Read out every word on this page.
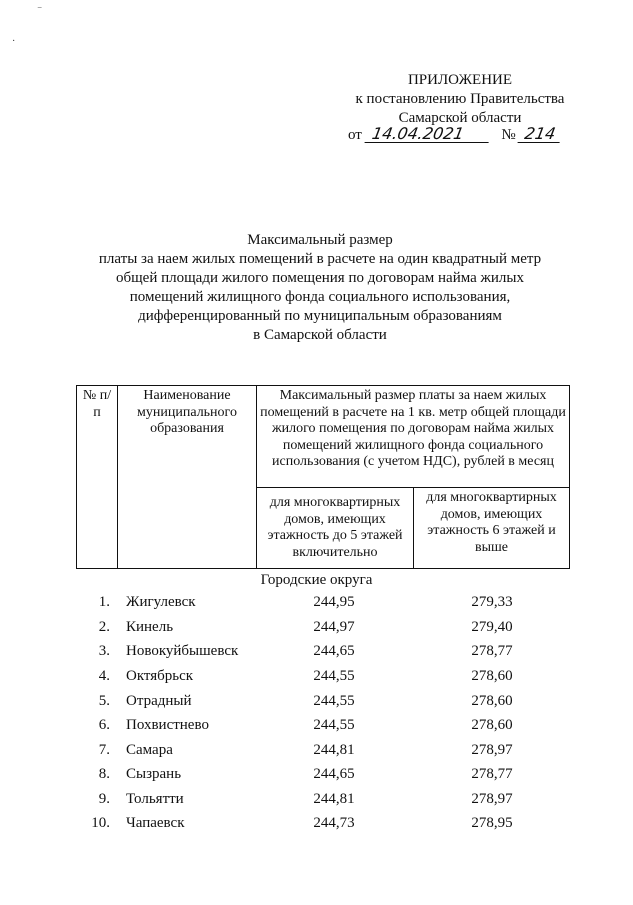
‾
·
ПРИЛОЖЕНИЕ
к постановлению Правительства
Самарской области
от 14.04.2021 № 214
Максимальный размер
платы за наем жилых помещений в расчете на один квадратный метр
общей площади жилого помещения по договорам найма жилых
помещений жилищного фонда социального использования,
дифференцированный по муниципальным образованиям
в Самарской области
№ п/п	Наименование муниципального образования	Максимальный размер платы за наем жилых помещений в расчете на 1 кв. метр общей площади жилого помещения по договорам найма жилых помещений жилищного фонда социального использования (с учетом НДС), рублей в месяц	
		для многоквартирных домов, имеющих этажность до 5 этажей включительно	для многоквартирных домов, имеющих этажность 6 этажей и выше
Городские округа
1. Жигулевск	244,95	279,33
2. Кинель	244,97	279,40
3. Новокуйбышевск	244,65	278,77
4. Октябрьск	244,55	278,60
5. Отрадный	244,55	278,60
6. Похвистнево	244,55	278,60
7. Самара	244,81	278,97
8. Сызрань	244,65	278,77
9. Тольятти	244,81	278,97
10. Чапаевск	244,73	278,95
